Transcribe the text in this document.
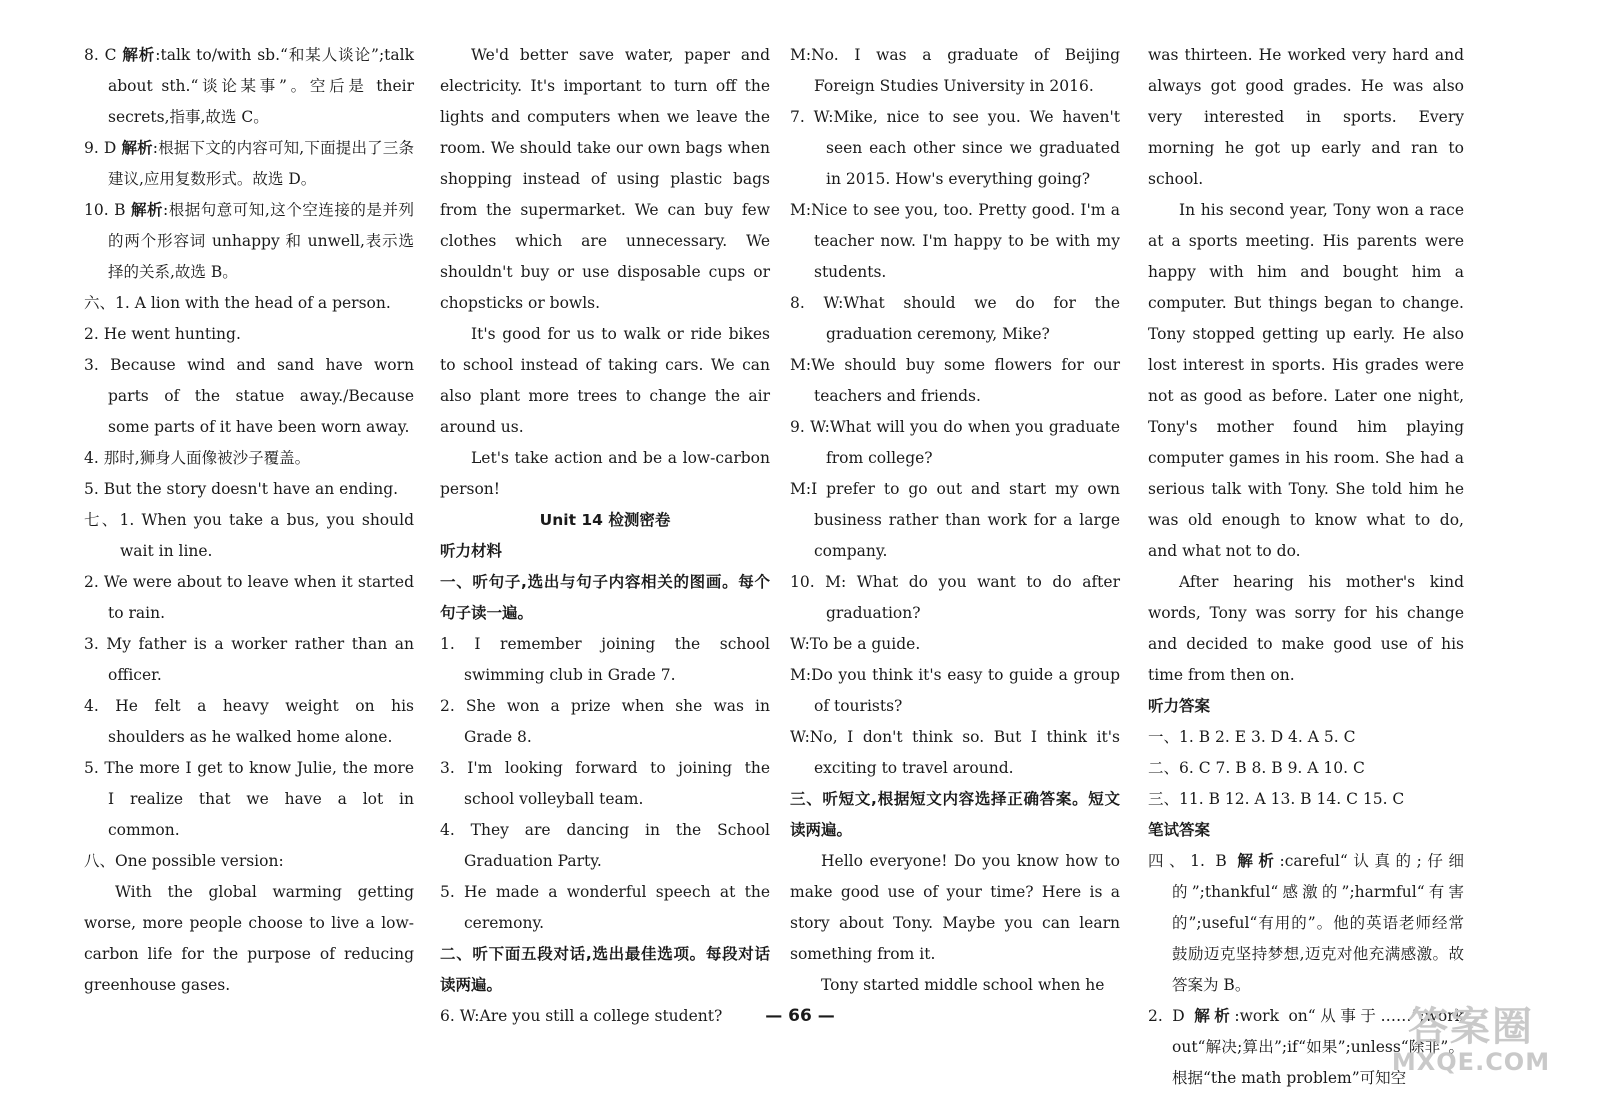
8. C 解析:talk to/with sb.“和某人谈论”;talk about sth.“谈论某事”。空后是 their secrets,指事,故选 C。

9. D 解析:根据下文的内容可知,下面提出了三条建议,应用复数形式。故选 D。

10. B 解析:根据句意可知,这个空连接的是并列的两个形容词 unhappy 和 unwell,表示选择的关系,故选 B。

六、1. A lion with the head of a person.

2. He went hunting.

3. Because wind and sand have worn parts of the statue away./Because some parts of it have been worn away.

4. 那时,狮身人面像被沙子覆盖。

5. But the story doesn't have an ending.

七、1. When you take a bus, you should wait in line.

2. We were about to leave when it started to rain.

3. My father is a worker rather than an officer.

4. He felt a heavy weight on his shoulders as he walked home alone.

5. The more I get to know Julie, the more I realize that we have a lot in common.

八、One possible version:

With the global warming getting worse, more people choose to live a low-carbon life for the purpose of reducing greenhouse gases.

We'd better save water, paper and electricity. It's important to turn off the lights and computers when we leave the room. We should take our own bags when shopping instead of using plastic bags from the supermarket. We can buy few clothes which are unnecessary. We shouldn't buy or use disposable cups or chopsticks or bowls.

It's good for us to walk or ride bikes to school instead of taking cars. We can also plant more trees to change the air around us.

Let's take action and be a low-carbon person!

Unit 14 检测密卷

听力材料

一、听句子,选出与句子内容相关的图画。每个句子读一遍。

1. I remember joining the school swimming club in Grade 7.

2. She won a prize when she was in Grade 8.

3. I'm looking forward to joining the school volleyball team.

4. They are dancing in the School Graduation Party.

5. He made a wonderful speech at the ceremony.

二、听下面五段对话,选出最佳选项。每段对话读两遍。

6. W:Are you still a college student?

M:No. I was a graduate of Beijing Foreign Studies University in 2016.

7. W:Mike, nice to see you. We haven't seen each other since we graduated in 2015. How's everything going?

M:Nice to see you, too. Pretty good. I'm a teacher now. I'm happy to be with my students.

8. W:What should we do for the graduation ceremony, Mike?

M:We should buy some flowers for our teachers and friends.

9. W:What will you do when you graduate from college?

M:I prefer to go out and start my own business rather than work for a large company.

10. M: What do you want to do after graduation?

W:To be a guide.

M:Do you think it's easy to guide a group of tourists?

W:No, I don't think so. But I think it's exciting to travel around.

三、听短文,根据短文内容选择正确答案。短文读两遍。

Hello everyone! Do you know how to make good use of your time? Here is a story about Tony. Maybe you can learn something from it.

Tony started middle school when he

was thirteen. He worked very hard and always got good grades. He was also very interested in sports. Every morning he got up early and ran to school.

In his second year, Tony won a race at a sports meeting. His parents were happy with him and bought him a computer. But things began to change. Tony stopped getting up early. He also lost interest in sports. His grades were not as good as before. Later one night, Tony's mother found him playing computer games in his room. She had a serious talk with Tony. She told him he was old enough to know what to do, and what not to do.

After hearing his mother's kind words, Tony was sorry for his change and decided to make good use of his time from then on.

听力答案

一、1. B 2. E 3. D 4. A 5. C

二、6. C 7. B 8. B 9. A 10. C

三、11. B 12. A 13. B 14. C 15. C

笔试答案

四、1. B 解析:careful“认真的;仔细的”;thankful“感激的”;harmful“有害的”;useful“有用的”。他的英语老师经常鼓励迈克坚持梦想,迈克对他充满感激。故答案为 B。

2. D 解析:work on“从事于……”;work out“解决;算出”;if“如果”;unless“除非”。根据“the math problem”可知空

— 66 —	答案圈
MXQE.COM
